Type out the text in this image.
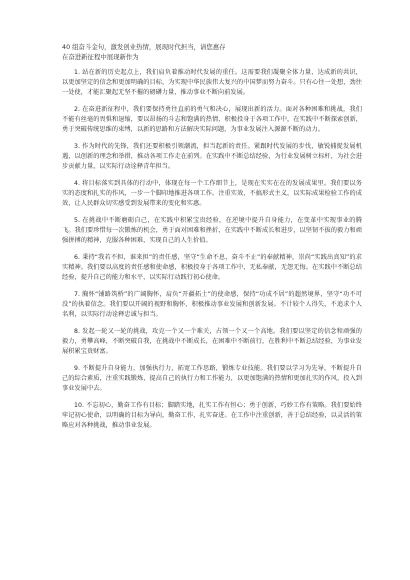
40 组奋斗金句，激发创业热情，展现时代担当，请您惠存

在奋进新征程中展现新作为

1. 站在新的历史起点上，我们肩负着推动时代发展的重任。这需要我们凝聚全体力量，达成新的共识，以更加坚定的信念和更加明确的目标，为实现中华民族伟大复兴的中国梦而努力奋斗。只有心往一处想，劲往一处使，才能汇聚起无坚不摧的磅礴力量，推动事业不断向前发展。

2. 在奋进新征程中，我们要保持勇往直前的勇气和决心，展现出新的活力。面对各种困难和挑战，我们不能有丝毫的畏惧和退缩，要以昂扬的斗志和饱满的热情，积极投身于各项工作中，在实践中不断探索创新，勇于突破传统思维的束缚，以新的思路和方法解决实际问题，为事业发展注入源源不断的动力。

3. 作为时代的先锋，我们还要积极引领潮流，担当起新的责任。紧跟时代发展的步伐，敏锐捕捉发展机遇，以创新的理念和举措，推动各项工作走在前列。在实践中不断总结经验，为行业发展树立标杆，为社会进步贡献力量，以实际行动诠释青年担当。

4. 将目标落实到具体的行动中，体现在每一个工作细节上，是现在实实在在的发展成果里。我们要以务实的态度和扎实的作风，一步一个脚印地推进各项工作。注重实效，不搞形式主义，以实际成果检验工作的成效，让人民群众切实感受到发展带来的变化和实惠。

5. 在挑战中不断磨砺自己，在实践中积累宝贵经验，在逆境中提升自身能力，在变革中实现事业的腾飞。我们要珍惜每一次锻炼的机会，勇于面对困难和挫折，在实践中不断成长和进步，以坚韧不拔的毅力和顽强拼搏的精神，克服各种困难，实现自己的人生价值。

6. 秉持“我若不担，谁来担”的责任感，坚守“生命不息，奋斗不止”的奉献精神，崇尚“实践出真知”的求实精神。我们要以高度的责任感和使命感，积极投身于各项工作中，无私奉献，无怨无悔。在实践中不断总结经验，提升自己的能力和水平，以实际行动践行初心使命。

7. 胸怀“铺路筑桥”的广阔胸怀，肩负“开疆拓土”的使命感，保持“功成不居”的超然境界，坚守“功不可没”的执着信念。我们要以开阔的视野和胸怀，积极推动事业发展和创新发展。不计较个人得失，不追求个人名利，以实际行动诠释忠诚与担当。

8. 发起一轮又一轮的挑战，攻克一个又一个难关，占领一个又一个高地。我们要以坚定的信念和顽强的毅力，勇攀高峰，不断突破自我，在挑战中不断成长，在困难中不断前行，在胜利中不断总结经验，为事业发展积累宝贵财富。

9. 不断提升自身能力，加强执行力，拓宽工作思路，锻炼专业技能。我们要以学习为先导，不断提升自己的综合素质，注重实践锻炼，提高自己的执行力和工作能力，以更加饱满的热情和更加扎实的作风，投入到事业发展中去。

10. 不忘初心，勤奋工作有目标；脚踏实地，扎实工作有恒心；勇于创新，巧妙工作有策略。我们要始终牢记初心使命，以明确的目标为导向，勤奋工作，扎实奋进。在工作中注重创新，善于总结经验，以灵活的策略应对各种挑战，推动事业发展。
